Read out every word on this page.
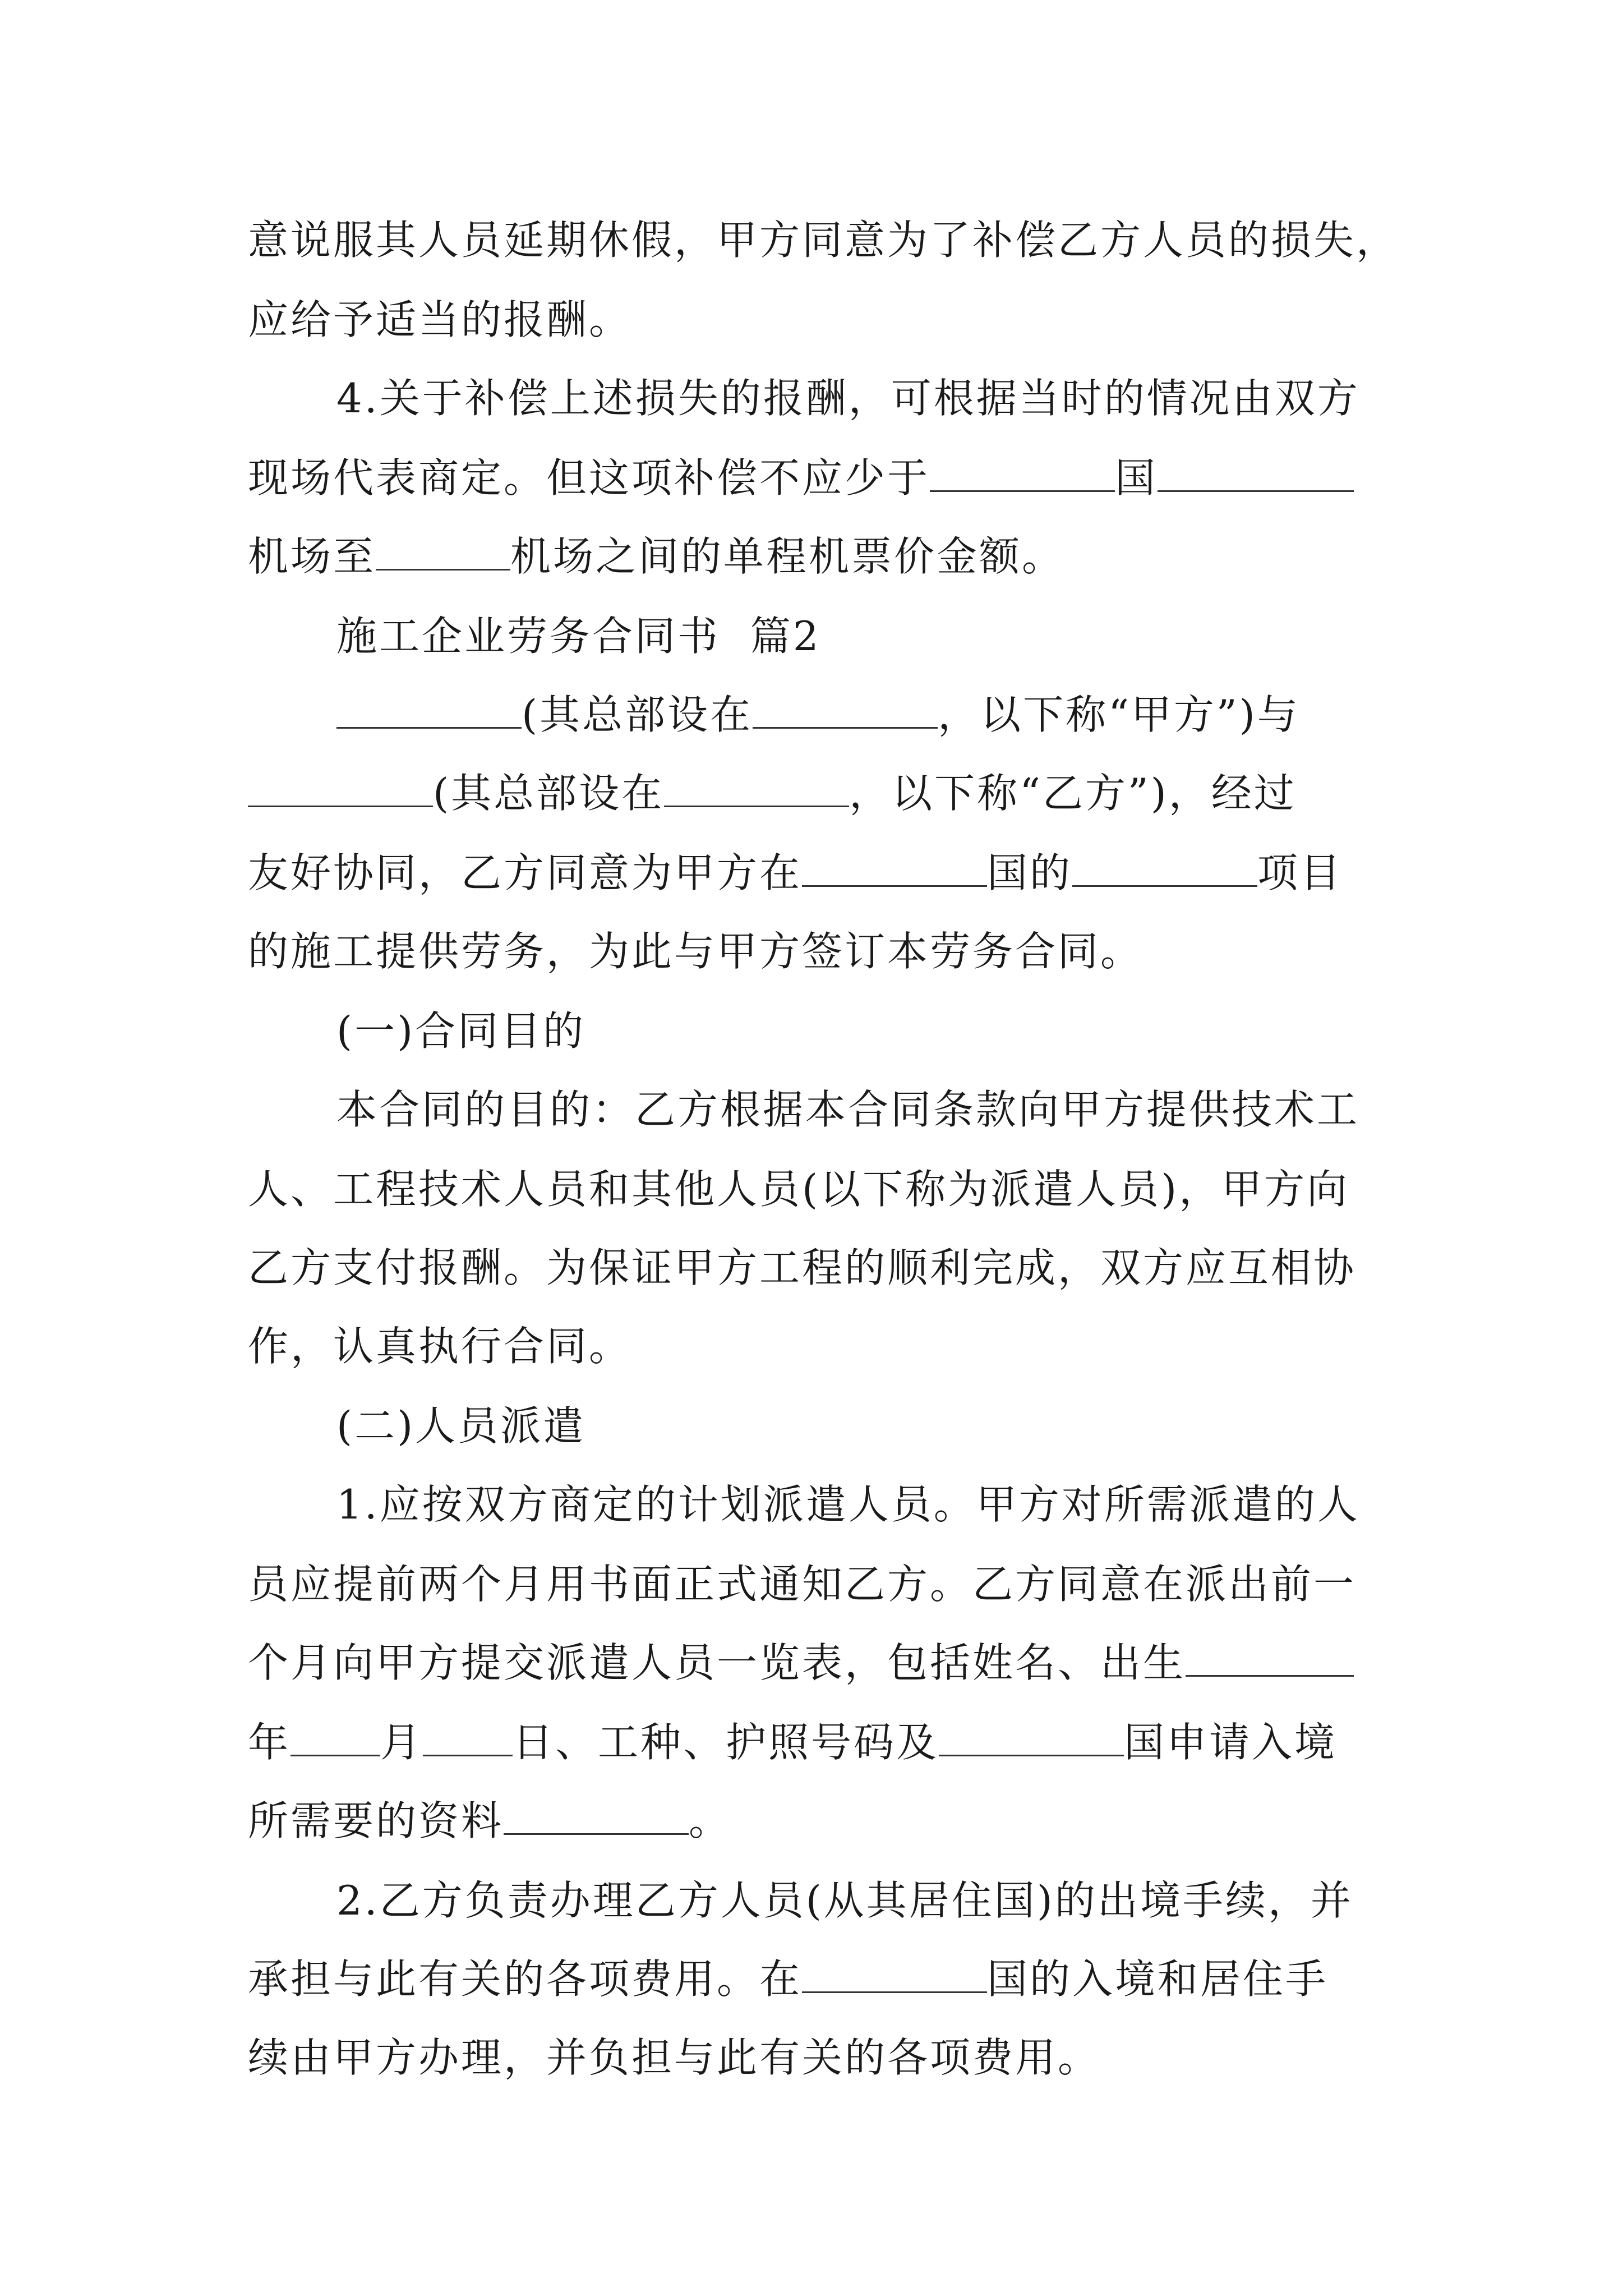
意说服其人员延期休假，甲方同意为了补偿乙方人员的损失，
应给予适当的报酬。
4.关于补偿上述损失的报酬，可根据当时的情况由双方
现场代表商定。但这项补偿不应少于	国
机场至	机场之间的单程机票价金额。
施工企业劳务合同书  篇2
(其总部设在	，以下称“甲方”)与
(其总部设在	，以下称“乙方”)，经过
友好协同，乙方同意为甲方在	国的	项目
的施工提供劳务，为此与甲方签订本劳务合同。
(一)合同目的
本合同的目的：乙方根据本合同条款向甲方提供技术工
人、工程技术人员和其他人员(以下称为派遣人员)，甲方向
乙方支付报酬。为保证甲方工程的顺利完成，双方应互相协
作，认真执行合同。
(二)人员派遣
1.应按双方商定的计划派遣人员。甲方对所需派遣的人
员应提前两个月用书面正式通知乙方。乙方同意在派出前一
个月向甲方提交派遣人员一览表，包括姓名、出生
年 月 日、工种、护照号码及	国申请入境
所需要的资料	。
2.乙方负责办理乙方人员(从其居住国)的出境手续，并
承担与此有关的各项费用。在	国的入境和居住手
续由甲方办理，并负担与此有关的各项费用。
